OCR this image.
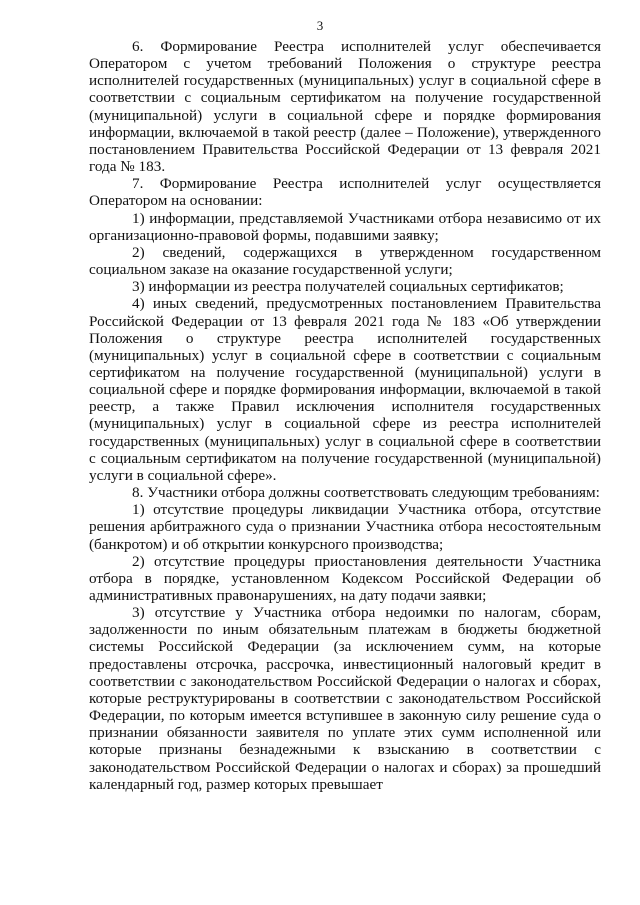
3

6. Формирование Реестра исполнителей услуг обеспечивается Оператором с учетом требований Положения о структуре реестра исполнителей государственных (муниципальных) услуг в социальной сфере в соответствии с социальным сертификатом на получение государственной (муниципальной) услуги в социальной сфере и порядке формирования информации, включаемой в такой реестр (далее – Положение), утвержденного постановлением Правительства Российской Федерации от 13 февраля 2021 года № 183.

7. Формирование Реестра исполнителей услуг осуществляется Оператором на основании:

1) информации, представляемой Участниками отбора независимо от их организационно-правовой формы, подавшими заявку;

2) сведений, содержащихся в утвержденном государственном социальном заказе на оказание государственной услуги;

3) информации из реестра получателей социальных сертификатов;

4) иных сведений, предусмотренных постановлением Правительства Российской Федерации от 13 февраля 2021 года № 183 «Об утверждении Положения о структуре реестра исполнителей государственных (муниципальных) услуг в социальной сфере в соответствии с социальным сертификатом на получение государственной (муниципальной) услуги в социальной сфере и порядке формирования информации, включаемой в такой реестр, а также Правил исключения исполнителя государственных (муниципальных) услуг в социальной сфере из реестра исполнителей государственных (муниципальных) услуг в социальной сфере в соответствии с социальным сертификатом на получение государственной (муниципальной) услуги в социальной сфере».

8. Участники отбора должны соответствовать следующим требованиям:

1) отсутствие процедуры ликвидации Участника отбора, отсутствие решения арбитражного суда о признании Участника отбора несостоятельным (банкротом) и об открытии конкурсного производства;

2) отсутствие процедуры приостановления деятельности Участника отбора в порядке, установленном Кодексом Российской Федерации об административных правонарушениях, на дату подачи заявки;

3) отсутствие у Участника отбора недоимки по налогам, сборам, задолженности по иным обязательным платежам в бюджеты бюджетной системы Российской Федерации (за исключением сумм, на которые предоставлены отсрочка, рассрочка, инвестиционный налоговый кредит в соответствии с законодательством Российской Федерации о налогах и сборах, которые реструктурированы в соответствии с законодательством Российской Федерации, по которым имеется вступившее в законную силу решение суда о признании обязанности заявителя по уплате этих сумм исполненной или которые признаны безнадежными к взысканию в соответствии с законодательством Российской Федерации о налогах и сборах) за прошедший календарный год, размер которых превышает
